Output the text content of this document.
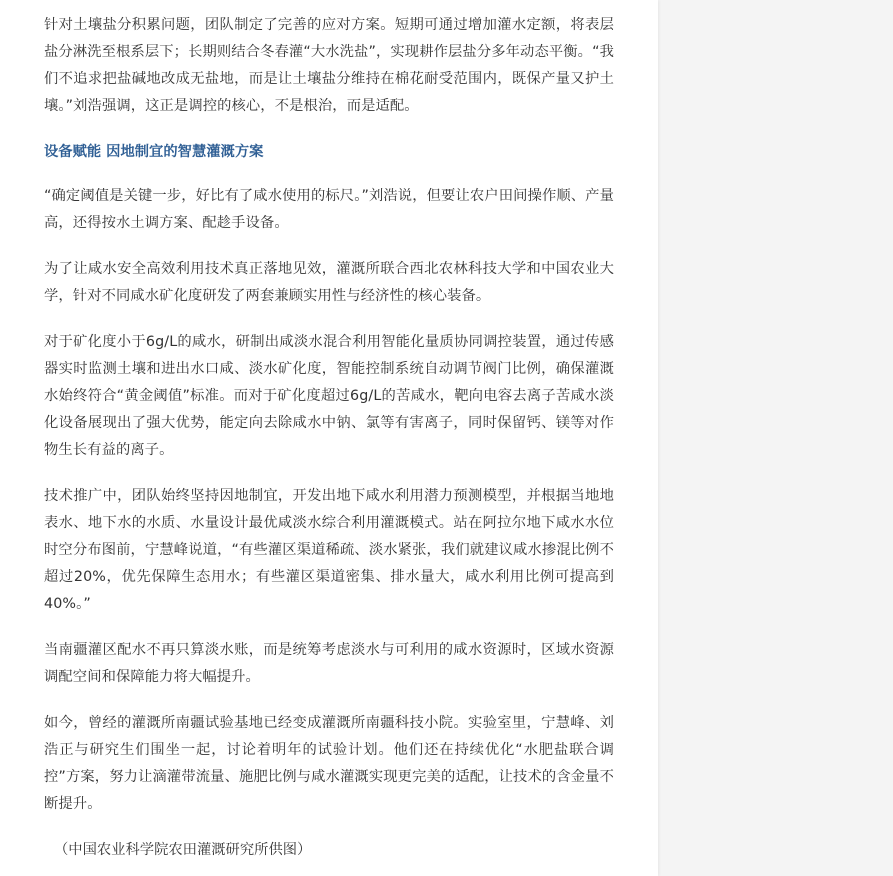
针对土壤盐分积累问题，团队制定了完善的应对方案。短期可通过增加灌水定额，将表层盐分淋洗至根系层下；长期则结合冬春灌“大水洗盐”，实现耕作层盐分多年动态平衡。“我们不追求把盐碱地改成无盐地，而是让土壤盐分维持在棉花耐受范围内，既保产量又护土壤。”刘浩强调，这正是调控的核心，不是根治，而是适配。

设备赋能 因地制宜的智慧灌溉方案

“确定阈值是关键一步，好比有了咸水使用的标尺。”刘浩说，但要让农户田间操作顺、产量高，还得按水土调方案、配趁手设备。

为了让咸水安全高效利用技术真正落地见效，灌溉所联合西北农林科技大学和中国农业大学，针对不同咸水矿化度研发了两套兼顾实用性与经济性的核心装备。

对于矿化度小于6g/L的咸水，研制出咸淡水混合利用智能化量质协同调控装置，通过传感器实时监测土壤和进出水口咸、淡水矿化度，智能控制系统自动调节阀门比例，确保灌溉水始终符合“黄金阈值”标准。而对于矿化度超过6g/L的苦咸水，靶向电容去离子苦咸水淡化设备展现出了强大优势，能定向去除咸水中钠、氯等有害离子，同时保留钙、镁等对作物生长有益的离子。

技术推广中，团队始终坚持因地制宜，开发出地下咸水利用潜力预测模型，并根据当地地表水、地下水的水质、水量设计最优咸淡水综合利用灌溉模式。站在阿拉尔地下咸水水位时空分布图前，宁慧峰说道，“有些灌区渠道稀疏、淡水紧张，我们就建议咸水掺混比例不超过20%，优先保障生态用水；有些灌区渠道密集、排水量大，咸水利用比例可提高到40%。”

当南疆灌区配水不再只算淡水账，而是统筹考虑淡水与可利用的咸水资源时，区域水资源调配空间和保障能力将大幅提升。

如今，曾经的灌溉所南疆试验基地已经变成灌溉所南疆科技小院。实验室里，宁慧峰、刘浩正与研究生们围坐一起，讨论着明年的试验计划。他们还在持续优化“水肥盐联合调控”方案，努力让滴灌带流量、施肥比例与咸水灌溉实现更完美的适配，让技术的含金量不断提升。

（中国农业科学院农田灌溉研究所供图）
